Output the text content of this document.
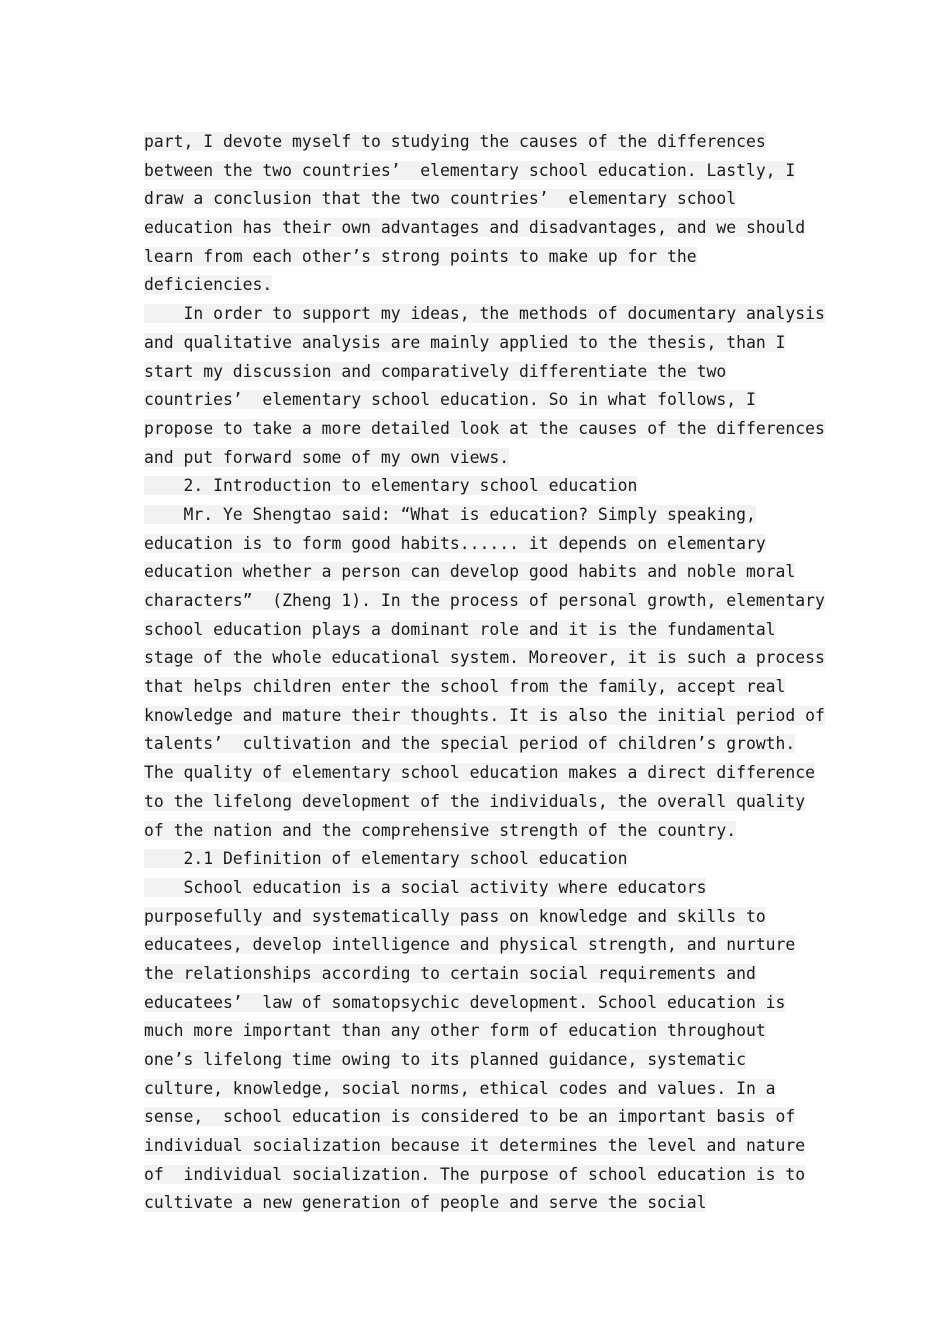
part, I devote myself to studying the causes of the differences
between the two countries’  elementary school education. Lastly, I
draw a conclusion that the two countries’  elementary school
education has their own advantages and disadvantages, and we should
learn from each other’s strong points to make up for the
deficiencies.
In order to support my ideas, the methods of documentary analysis
and qualitative analysis are mainly applied to the thesis, than I
start my discussion and comparatively differentiate the two
countries’  elementary school education. So in what follows, I
propose to take a more detailed look at the causes of the differences
and put forward some of my own views.
2. Introduction to elementary school education
Mr. Ye Shengtao said: “What is education? Simply speaking,
education is to form good habits...... it depends on elementary
education whether a person can develop good habits and noble moral
characters”  (Zheng 1). In the process of personal growth, elementary
school education plays a dominant role and it is the fundamental
stage of the whole educational system. Moreover, it is such a process
that helps children enter the school from the family, accept real
knowledge and mature their thoughts. It is also the initial period of
talents’  cultivation and the special period of children’s growth.
The quality of elementary school education makes a direct difference
to the lifelong development of the individuals, the overall quality
of the nation and the comprehensive strength of the country.
2.1 Definition of elementary school education
School education is a social activity where educators
purposefully and systematically pass on knowledge and skills to
educatees, develop intelligence and physical strength, and nurture
the relationships according to certain social requirements and
educatees’  law of somatopsychic development. School education is
much more important than any other form of education throughout
one’s lifelong time owing to its planned guidance, systematic
culture, knowledge, social norms, ethical codes and values. In a
sense,  school education is considered to be an important basis of
individual socialization because it determines the level and nature
of  individual socialization. The purpose of school education is to
cultivate a new generation of people and serve the social
